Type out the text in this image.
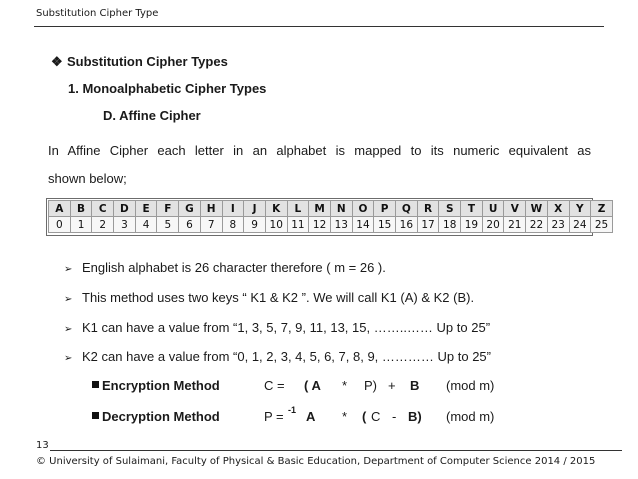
Substitution Cipher Type
❖ Substitution Cipher Types
1. Monoalphabetic Cipher Types
D. Affine Cipher
In Affine Cipher each letter in an alphabet is mapped to its numeric equivalent as
shown below;
A	B	C	D	E	F	G	H	I	J	K	L	M	N	O	P	Q	R	S	T	U	V	W	X	Y	Z
0	1	2	3	4	5	6	7	8	9	10	11	12	13	14	15	16	17	18	19	20	21	22	23	24	25
➢ English alphabet is 26 character therefore ( m = 26 ).
➢ This method uses two keys “ K1 & K2 ”. We will call K1 (A) & K2 (B).
➢ K1 can have a value from “1, 3, 5, 7, 9, 11, 13, 15, ……..…… Up to 25”
➢ K2 can have a value from “0, 1, 2, 3, 4, 5, 6, 7, 8, 9, ………… Up to 25”
Encryption Method	C = ( A * P) + B (mod m)
Decryption Method	P = -1 A * ( C - B) (mod m)
13
© University of Sulaimani, Faculty of Physical & Basic Education, Department of Computer Science 2014 / 2015
